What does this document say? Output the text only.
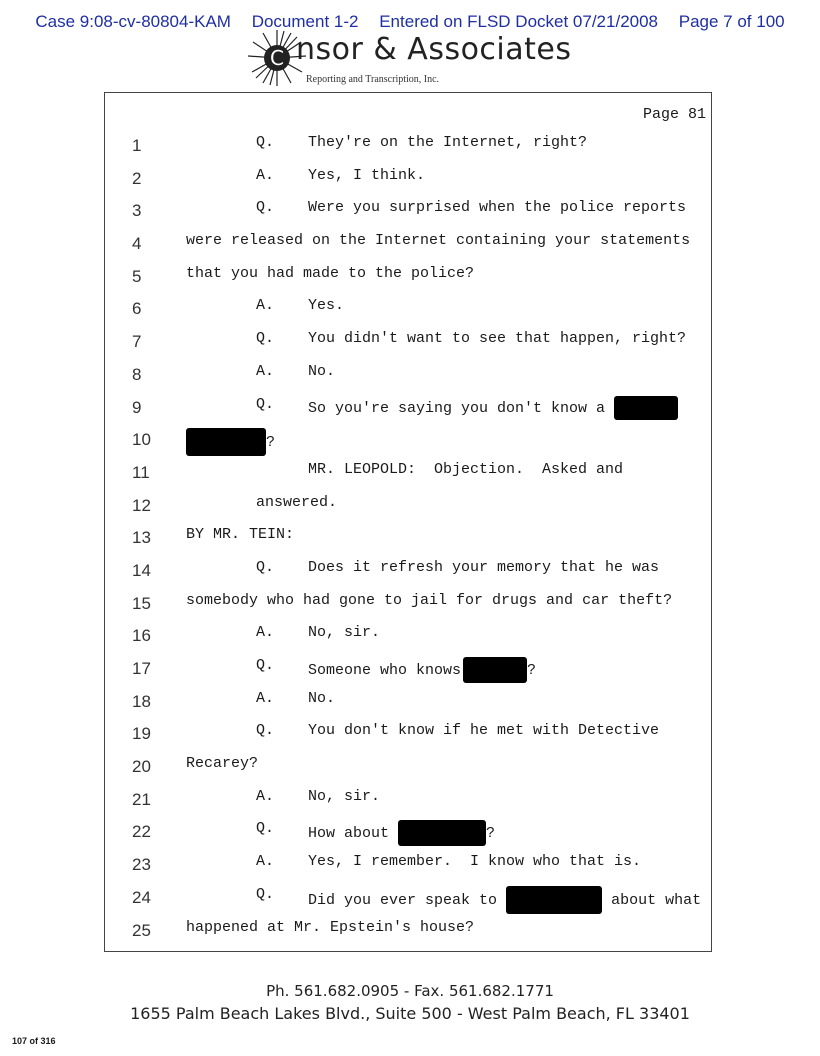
Case 9:08-cv-80804-KAM Document 1-2 Entered on FLSD Docket 07/21/2008 Page 7 of 100
C nsor & Associates
Reporting and Transcription, Inc.
Page 81
1	Q. They're on the Internet, right?
2	A. Yes, I think.
3	Q. Were you surprised when the police reports
4	were released on the Internet containing your statements
5	that you had made to the police?
6	A. Yes.
7	Q. You didn't want to see that happen, right?
8	A. No.
9	Q. So you're saying you don't know a
10	?
11	MR. LEOPOLD:  Objection.  Asked and
12	answered.
13	BY MR. TEIN:
14	Q. Does it refresh your memory that he was
15	somebody who had gone to jail for drugs and car theft?
16	A. No, sir.
17	Q. Someone who knows	?
18	A. No.
19	Q. You don't know if he met with Detective
20	Recarey?
21	A. No, sir.
22	Q. How about	?
23	A. Yes, I remember.  I know who that is.
24	Q. Did you ever speak to	about what
25	happened at Mr. Epstein's house?
Ph. 561.682.0905 - Fax. 561.682.1771
1655 Palm Beach Lakes Blvd., Suite 500 - West Palm Beach, FL 33401
107 of 316
